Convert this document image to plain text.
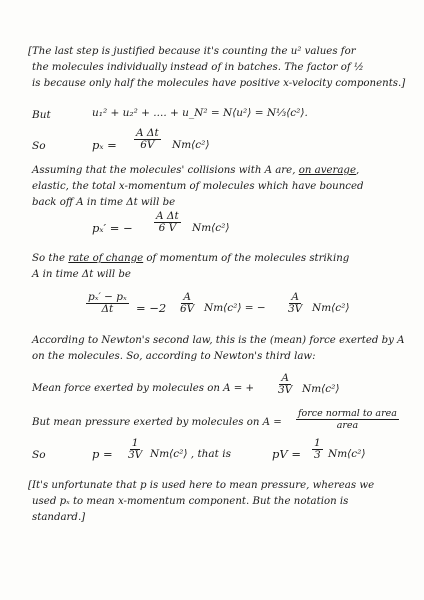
[The last step is justified because it's counting the u² values for
the molecules individually instead of in batches. The factor of ½
is because only half the molecules have positive x-velocity components.]
But	u₁² + u₂² + .... + u_N² = N⟨u²⟩ = N⅓⟨c²⟩.
So	$p_x = \frac{\text{A Δt}}{6V}$ Nm⟨c²⟩
Assuming that the molecules' collisions with A are, on average,
elastic, the total x-momentum of molecules which have bounced
back off A in time Δt will be
pₓ′ = − $\frac{\text{A Δt}}{6 V}$ Nm⟨c²⟩
So the rate of change of momentum of the molecules striking
A in time Δt will be
$\frac{\text{pₓ′ − pₓ}}{\Delta t} = -2 \frac{A}{6V}$ Nm⟨c²⟩ = − $\frac{A}{3V}$ Nm⟨c²⟩
According to Newton's second law, this is the (mean) force exerted by A
on the molecules. So, according to Newton's third law:
Mean force exerted by molecules on A = + $\frac{A}{3V}$ Nm⟨c²⟩
But mean pressure exerted by molecules on A =
force normal to area
area
So	$p = \frac{1}{3V}$ Nm⟨c²⟩ , that is	pV = $\frac{1}{3}$ Nm⟨c²⟩
[It's unfortunate that p is used here to mean pressure, whereas we
used pₓ to mean x-momentum component. But the notation is
standard.]
